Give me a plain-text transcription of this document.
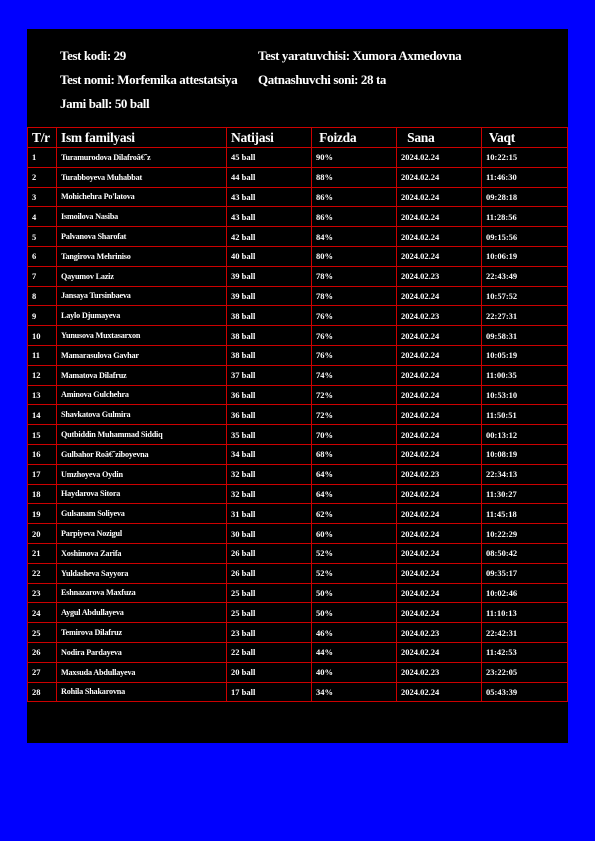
Test kodi: 29	Test yaratuvchisi: Xumora Axmedovna
Test nomi: Morfemika attestatsiya Qatnashuvchi soni: 28 ta
Jami ball: 50 ball
T/r	Ism familyasi	Natijasi	Foizda	Sana	Vaqt
1	Turamurodova Dilafroâ€˜z	45 ball	90%	2024.02.24	10:22:15
2	Turabboyeva Muhabbat	44 ball	88%	2024.02.24	11:46:30
3	Mohichehra Po'latova	43 ball	86%	2024.02.24	09:28:18
4	Ismoilova Nasiba	43 ball	86%	2024.02.24	11:28:56
5	Palvanova Sharofat	42 ball	84%	2024.02.24	09:15:56
6	Tangirova Mehriniso	40 ball	80%	2024.02.24	10:06:19
7	Qayumov Laziz	39 ball	78%	2024.02.23	22:43:49
8	Jansaya Tursinbaeva	39 ball	78%	2024.02.24	10:57:52
9	Laylo Djumayeva	38 ball	76%	2024.02.23	22:27:31
10	Yunusova Muxtasarxon	38 ball	76%	2024.02.24	09:58:31
11	Mamarasulova Gavhar	38 ball	76%	2024.02.24	10:05:19
12	Mamatova Dilafruz	37 ball	74%	2024.02.24	11:00:35
13	Aminova Gulchehra	36 ball	72%	2024.02.24	10:53:10
14	Shavkatova Gulmira	36 ball	72%	2024.02.24	11:50:51
15	Qutbiddin Muhammad Siddiq	35 ball	70%	2024.02.24	00:13:12
16	Gulbahor Roâ€˜ziboyevna	34 ball	68%	2024.02.24	10:08:19
17	Umzhoyeva Oydin	32 ball	64%	2024.02.23	22:34:13
18	Haydarova Sitora	32 ball	64%	2024.02.24	11:30:27
19	Gulsanam Soliyeva	31 ball	62%	2024.02.24	11:45:18
20	Parpiyeva Nozigul	30 ball	60%	2024.02.24	10:22:29
21	Xoshimova Zarifa	26 ball	52%	2024.02.24	08:50:42
22	Yuldasheva Sayyora	26 ball	52%	2024.02.24	09:35:17
23	Eshnazarova Maxfuza	25 ball	50%	2024.02.24	10:02:46
24	Aygul Abdullayeva	25 ball	50%	2024.02.24	11:10:13
25	Temirova Dilafruz	23 ball	46%	2024.02.23	22:42:31
26	Nodira Pardayeva	22 ball	44%	2024.02.24	11:42:53
27	Maxsuda Abdullayeva	20 ball	40%	2024.02.23	23:22:05
28	Rohila Shakarovna	17 ball	34%	2024.02.24	05:43:39
